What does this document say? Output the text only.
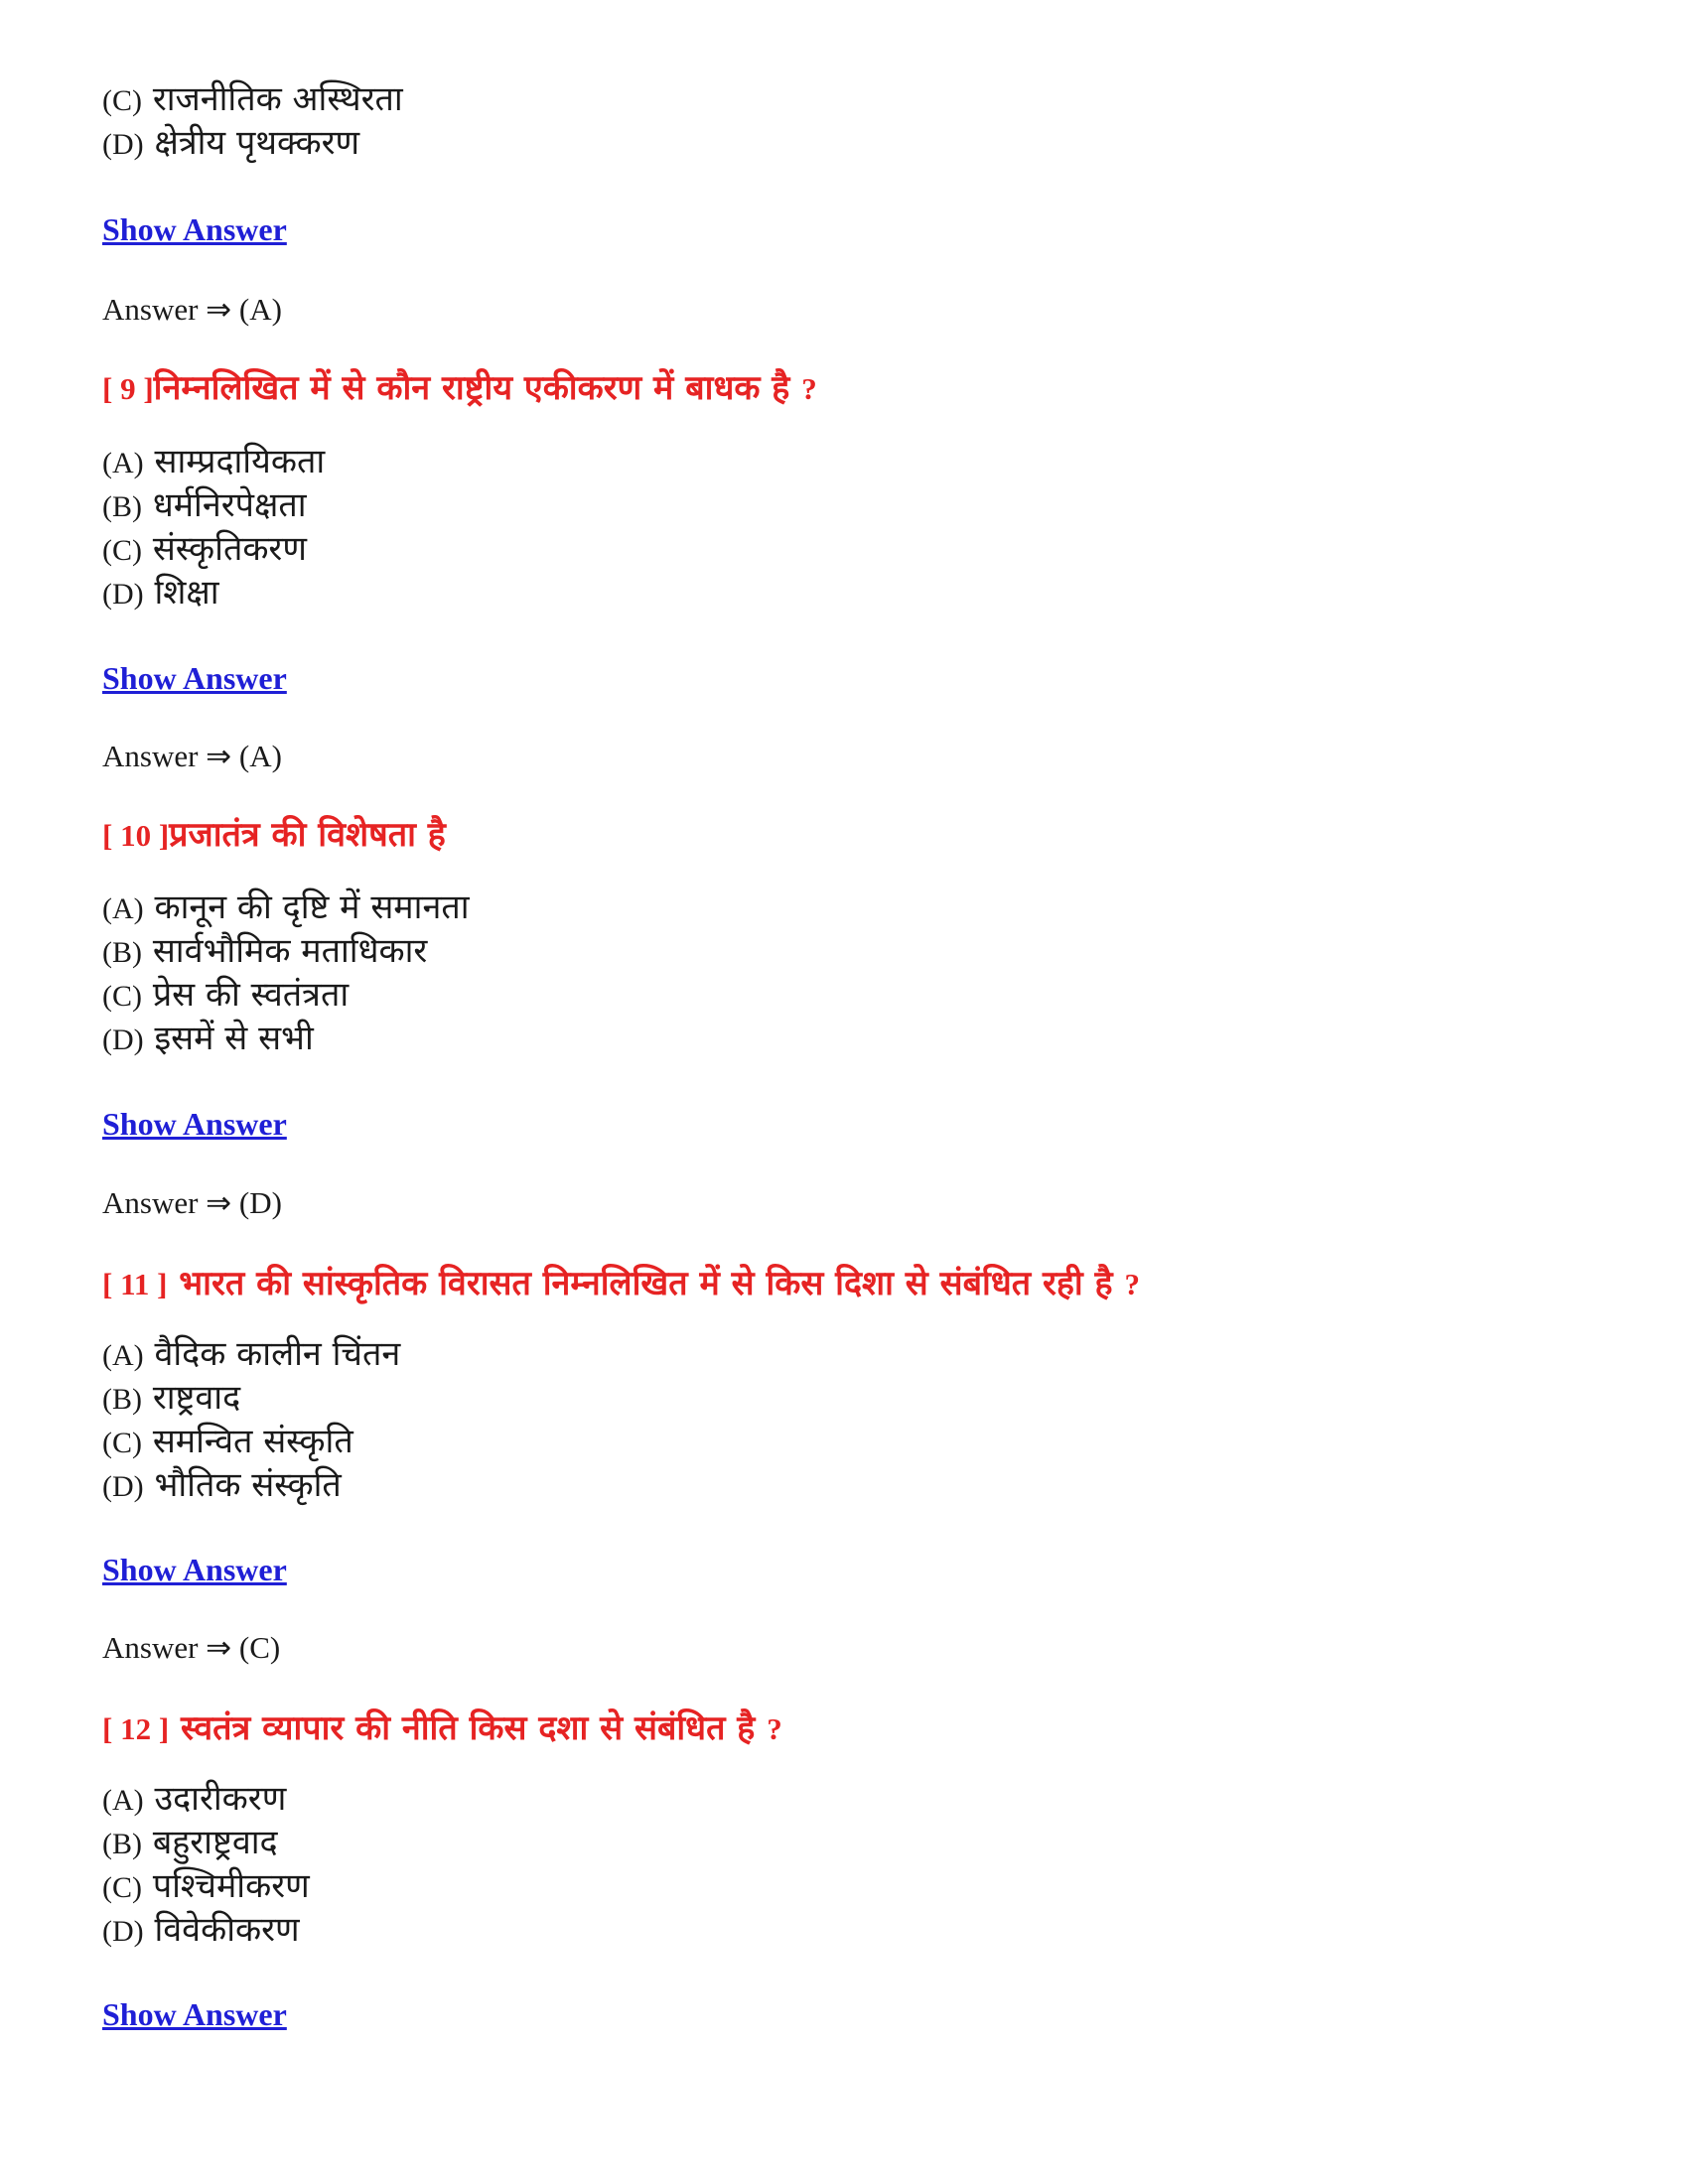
(C) राजनीतिक अस्थिरता
(D) क्षेत्रीय पृथक्करण
Show Answer
Answer ⇒ (A)
[ 9 ]निम्नलिखित में से कौन राष्ट्रीय एकीकरण में बाधक है ?
(A) साम्प्रदायिकता
(B) धर्मनिरपेक्षता
(C) संस्कृतिकरण
(D) शिक्षा
Show Answer
Answer ⇒ (A)
[ 10 ]प्रजातंत्र की विशेषता है
(A) कानून की दृष्टि में समानता
(B) सार्वभौमिक मताधिकार
(C) प्रेस की स्वतंत्रता
(D) इसमें से सभी
Show Answer
Answer ⇒ (D)
[ 11 ] भारत की सांस्कृतिक विरासत निम्नलिखित में से किस दिशा से संबंधित रही है ?
(A) वैदिक कालीन चिंतन
(B) राष्ट्रवाद
(C) समन्वित संस्कृति
(D) भौतिक संस्कृति
Show Answer
Answer ⇒ (C)
[ 12 ] स्वतंत्र व्यापार की नीति किस दशा से संबंधित है ?
(A) उदारीकरण
(B) बहुराष्ट्रवाद
(C) पश्चिमीकरण
(D) विवेकीकरण
Show Answer
